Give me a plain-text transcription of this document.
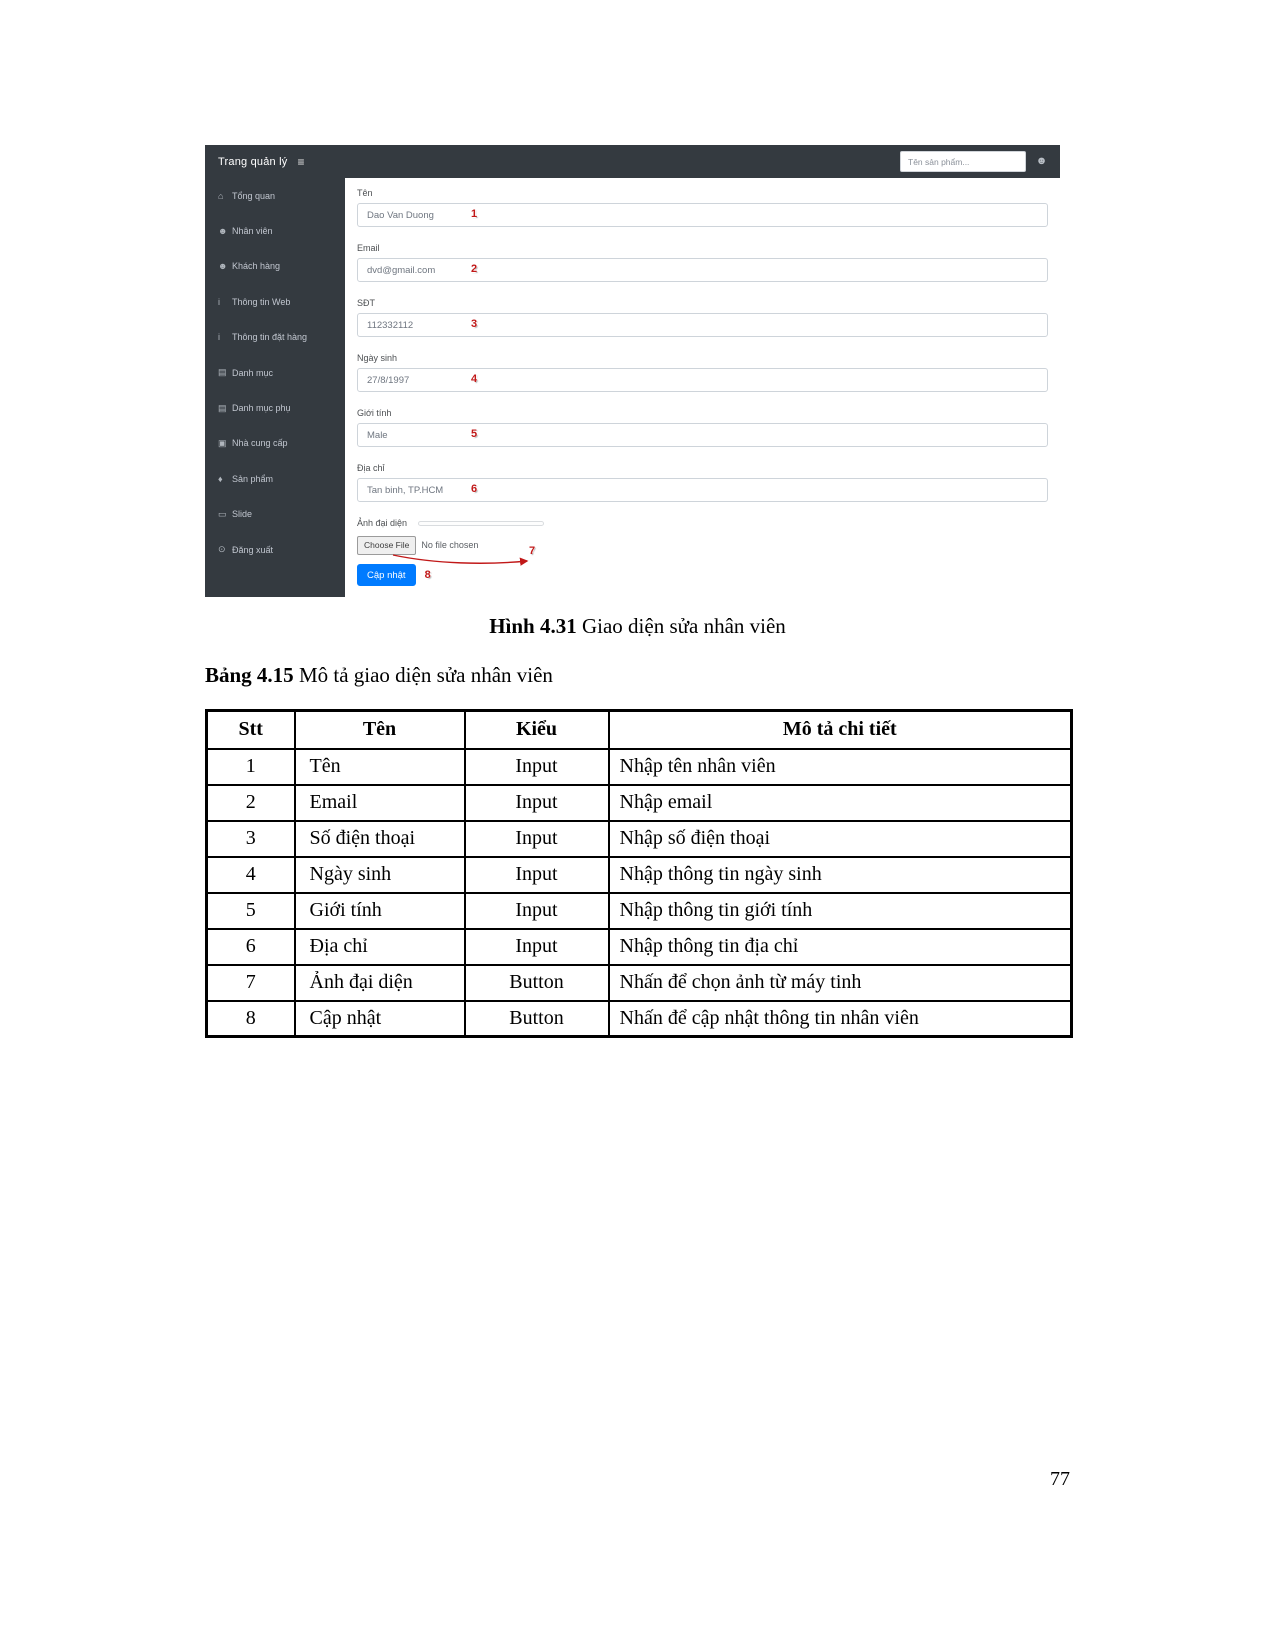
Trang quản lý ≡	Tên sản phẩm...	☻
⌂ Tổng quan
☻ Nhân viên
☻ Khách hàng
i	Thông tin Web
i	Thông tin đặt hàng
▤ Danh mục
▤ Danh mục phụ
▣ Nhà cung cấp
♦	Sản phẩm
▭ Slide
⊙ Đăng xuất
Tên
Dao Van Duong	1
Email
dvd@gmail.com	2
SĐT
112332112	3
Ngày sinh
27/8/1997	4
Giới tính
Male	5
Địa chỉ
Tan binh, TP.HCM	6
Ảnh đại diện
Choose File	No file chosen
Cập nhật	8
7
Hình 4.31 Giao diện sửa nhân viên
Bảng 4.15 Mô tả giao diện sửa nhân viên
Stt	Tên	Kiểu	Mô tả chi tiết
1	Tên	Input	Nhập tên nhân viên
2	Email	Input	Nhập email
3	Số điện thoại	Input	Nhập số điện thoại
4	Ngày sinh	Input	Nhập thông tin ngày sinh
5	Giới tính	Input	Nhập thông tin giới tính
6	Địa chỉ	Input	Nhập thông tin địa chỉ
7	Ảnh đại diện	Button	Nhấn để chọn ảnh từ máy tinh
8	Cập nhật	Button	Nhấn để cập nhật thông tin nhân viên
77
